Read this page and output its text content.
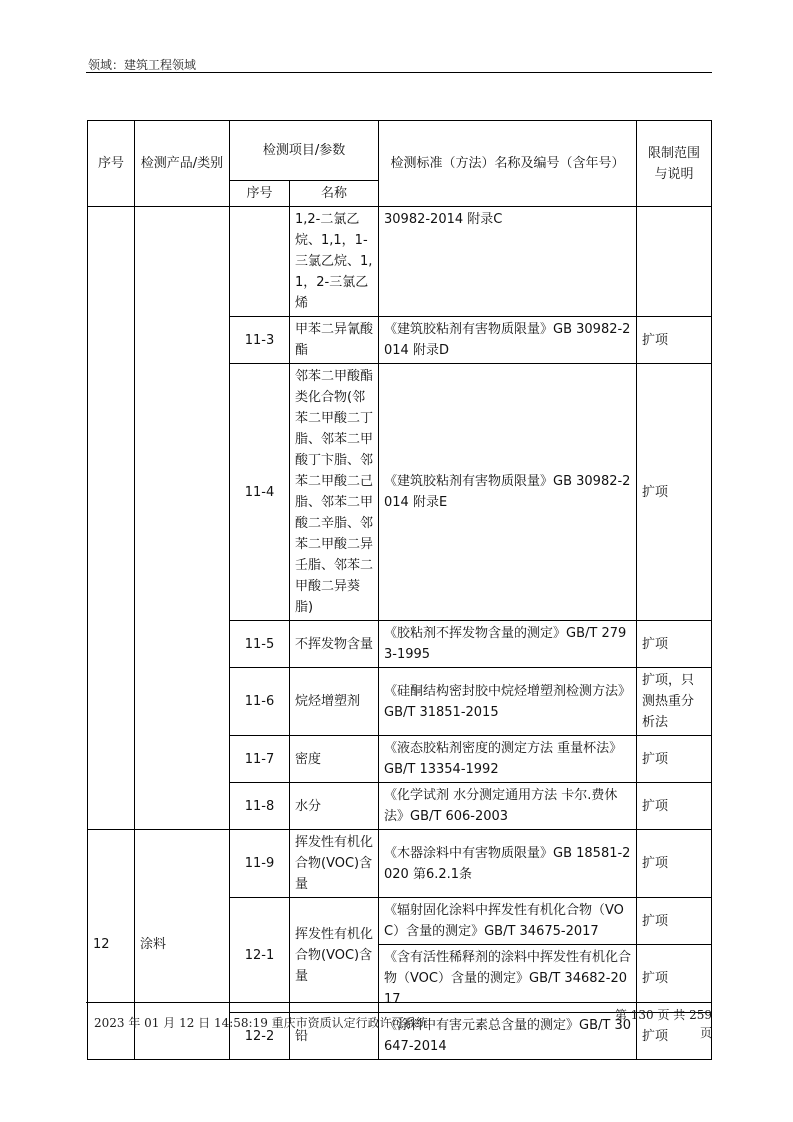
领域：建筑工程领域
序号	检测产品/类别	检测项目/参数		检测标准（方法）名称及编号（含年号）	限制范围与说明
		序号	名称		
			1,2-二氯乙烷、1,1，1-三氯乙烷、1,1，2-三氯乙烯	30982-2014 附录C	
		11-3	甲苯二异氰酸酯	《建筑胶粘剂有害物质限量》GB 30982-2014 附录D	扩项
		11-4	邻苯二甲酸酯类化合物(邻苯二甲酸二丁脂、邻苯二甲酸丁卞脂、邻苯二甲酸二己脂、邻苯二甲酸二辛脂、邻苯二甲酸二异壬脂、邻苯二甲酸二异葵脂)	《建筑胶粘剂有害物质限量》GB 30982-2014 附录E	扩项
		11-5	不挥发物含量	《胶粘剂不挥发物含量的测定》GB/T 2793-1995	扩项
		11-6	烷烃增塑剂	《硅酮结构密封胶中烷烃增塑剂检测方法》GB/T 31851-2015	扩项，只测热重分析法
		11-7	密度	《液态胶粘剂密度的测定方法 重量杯法》GB/T 13354-1992	扩项
		11-8	水分	《化学试剂 水分测定通用方法 卡尔.费休法》GB/T 606-2003	扩项
12	涂料	11-9	挥发性有机化合物(VOC)含量	《木器涂料中有害物质限量》GB 18581-2020 第6.2.1条	扩项
		12-1	挥发性有机化合物(VOC)含量	《辐射固化涂料中挥发性有机化合物（VOC）含量的测定》GB/T 34675-2017	扩项
				《含有活性稀释剂的涂料中挥发性有机化合物（VOC）含量的测定》GB/T 34682-2017	扩项
		12-2	铅	《涂料中有害元素总含量的测定》GB/T 30647-2014	扩项
2023 年 01 月 12 日 14:58:19 重庆市资质认定行政许可系统
第 130 页 共 259 页
